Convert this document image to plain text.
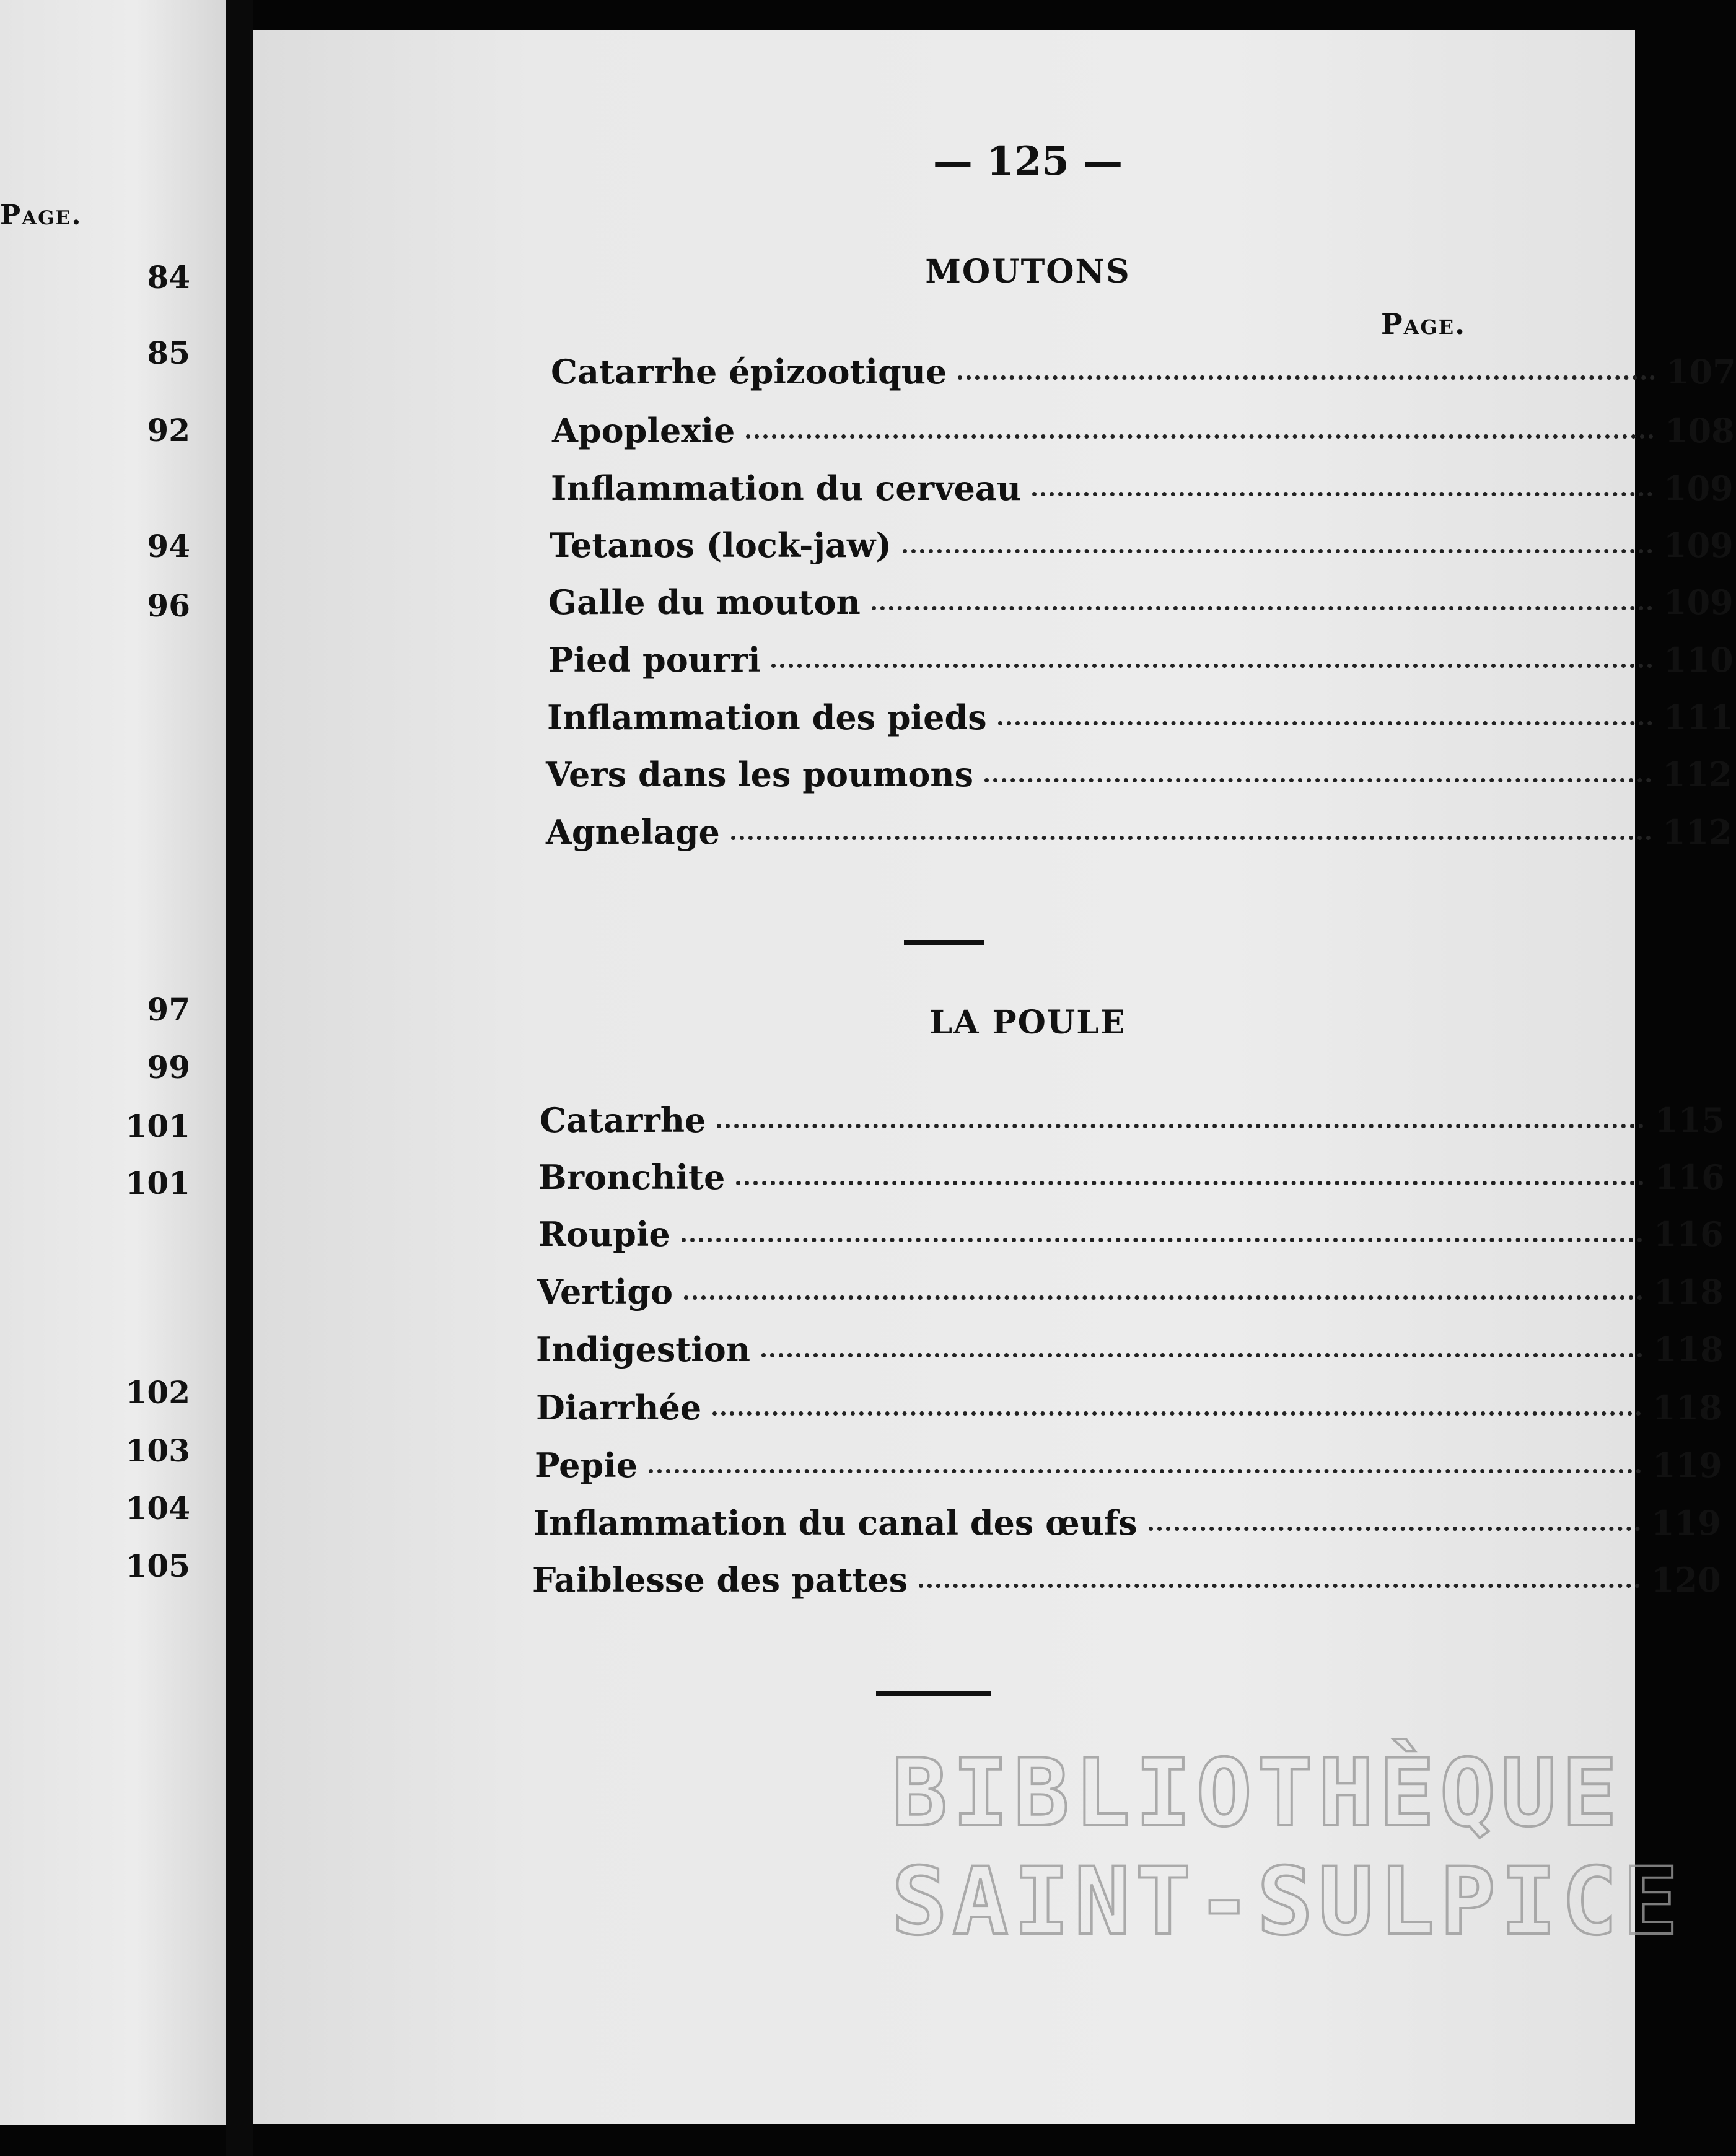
Page.
84
85
92
94
96
97
99
101
101
102
103
104
105
— 125 —
MOUTONS
Page.
Catarrhe épizootique	107
Apoplexie	108
Inflammation du cerveau	109
Tetanos (lock-jaw)	109
Galle du mouton	109
Pied pourri	110
Inflammation des pieds	111
Vers dans les poumons	112
Agnelage	112
LA POULE
Catarrhe	115
Bronchite	116
Roupie	116
Vertigo	118
Indigestion	118
Diarrhée	118
Pepie	119
Inflammation du canal des œufs	119
Faiblesse des pattes	120
BIBLIOTHÈQUE
SAINT-SULPICE
